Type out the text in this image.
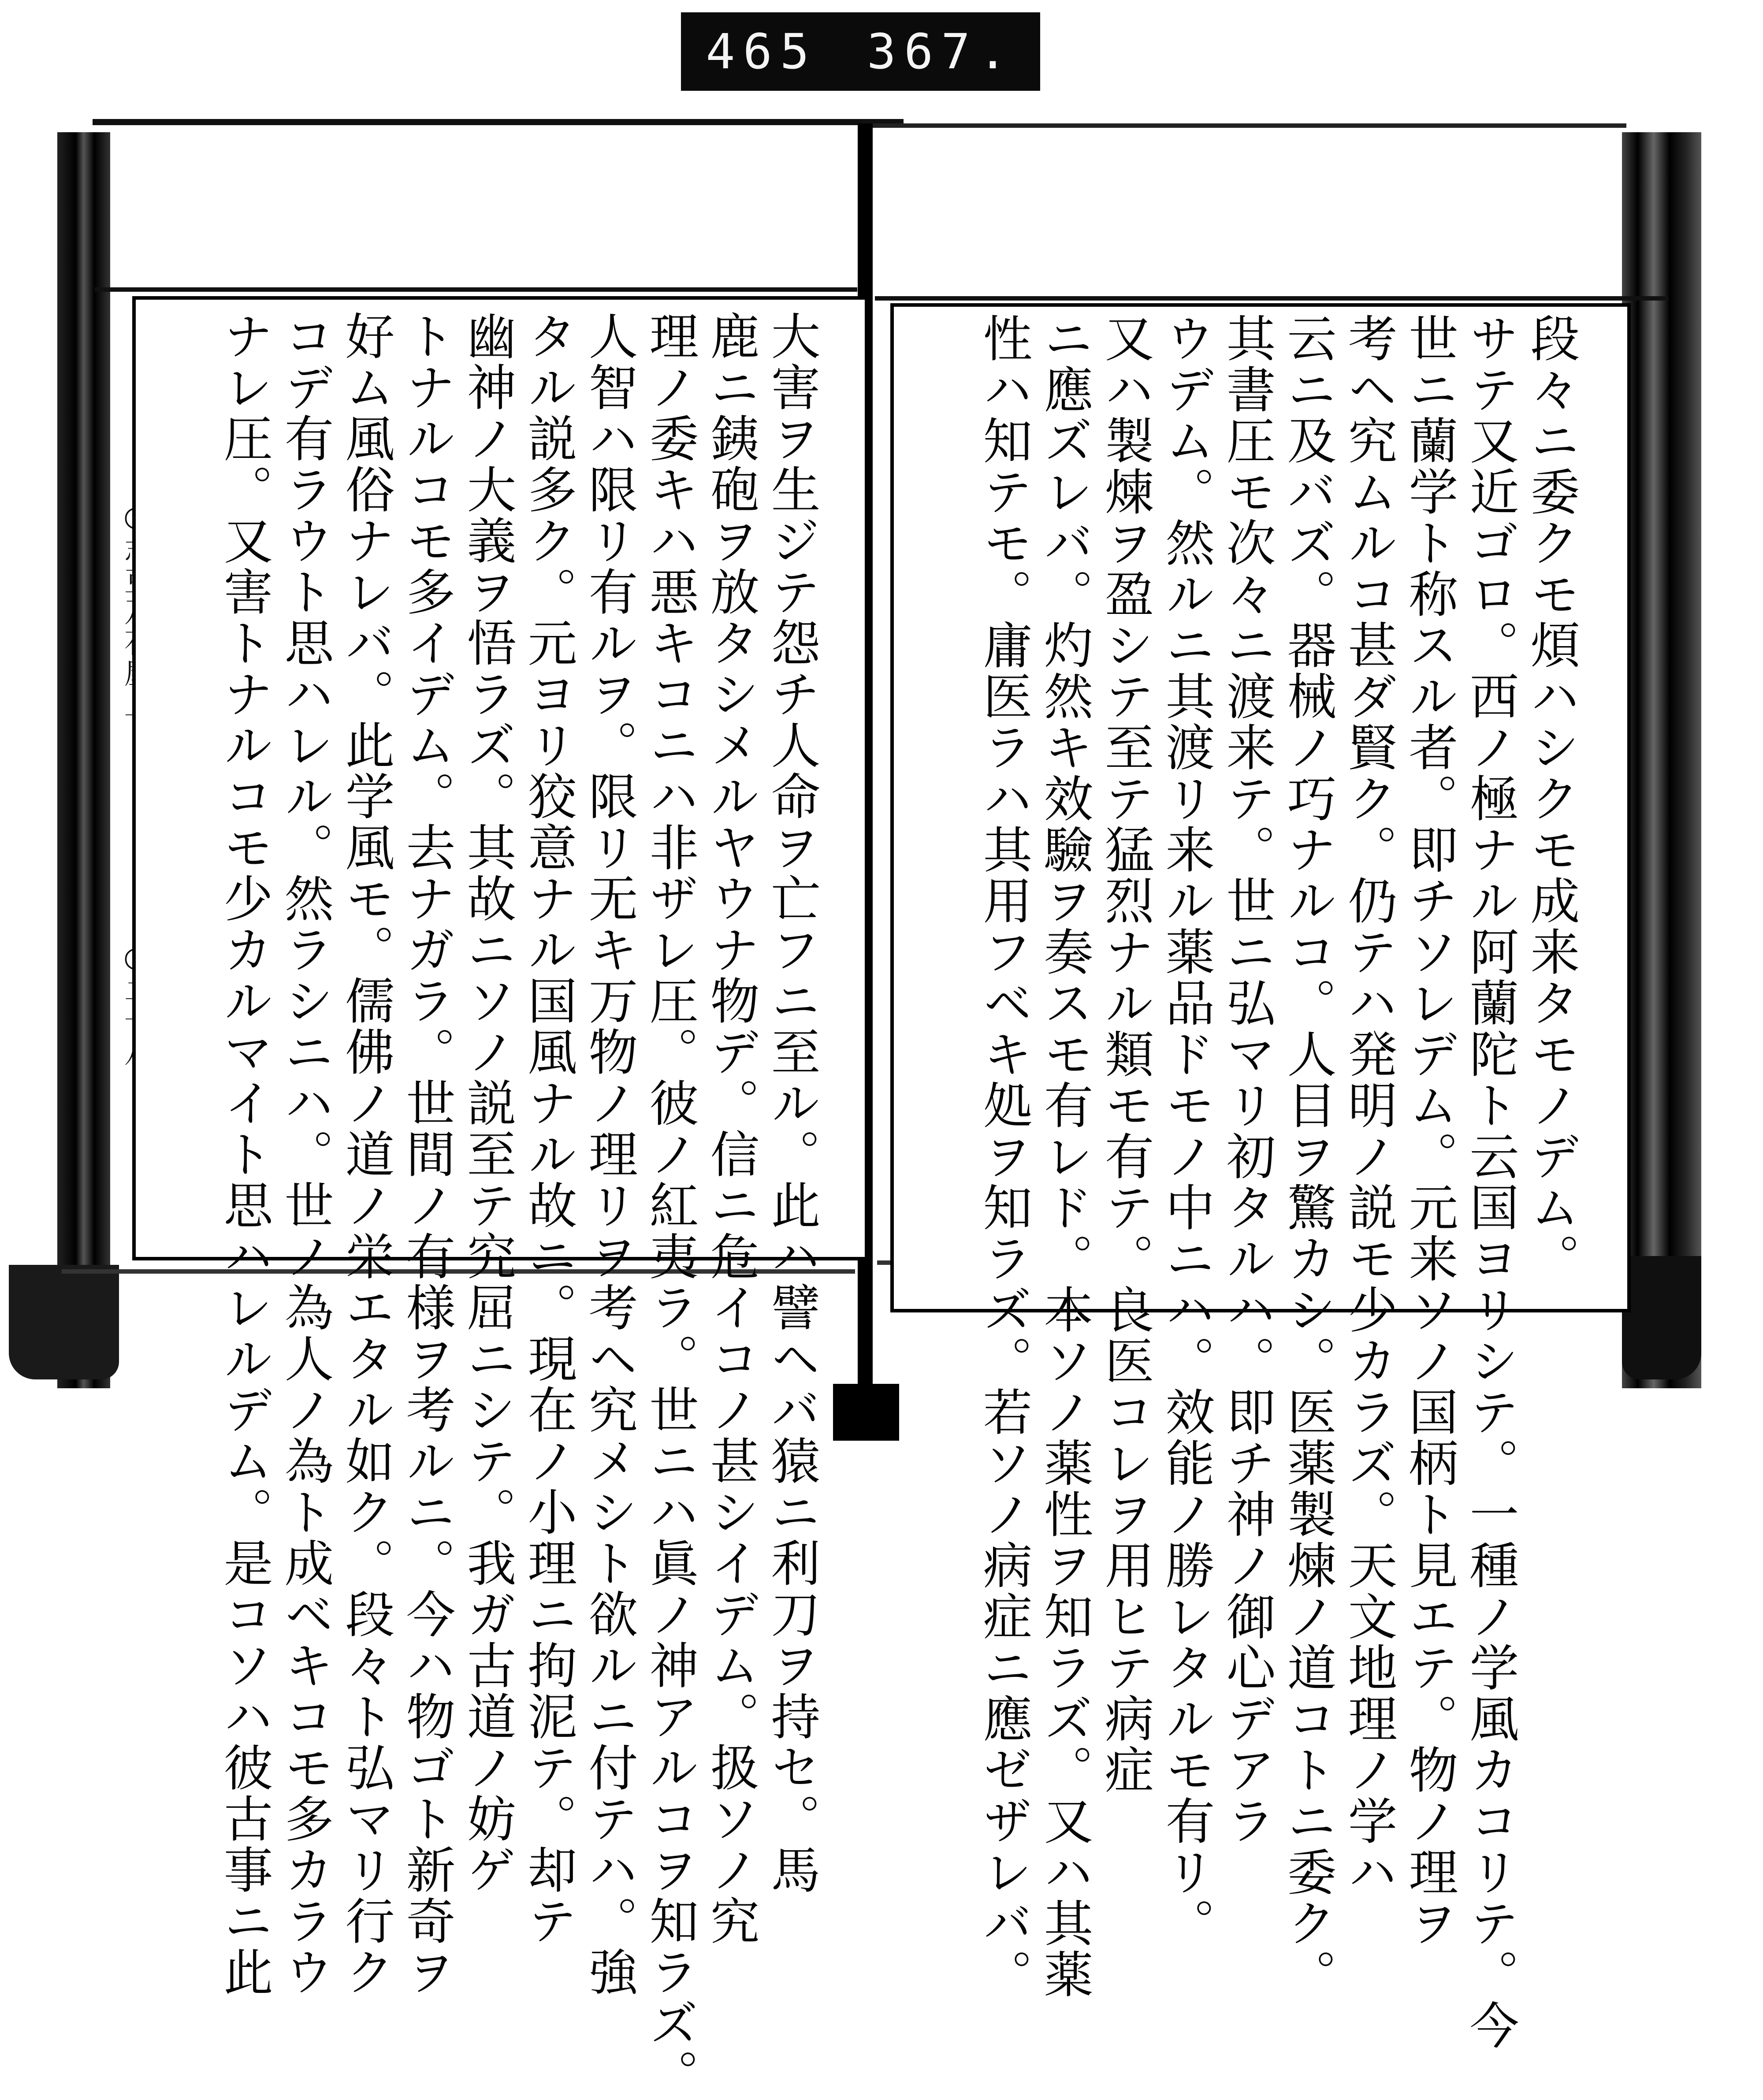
465 367.
大害ヲ生ジテ怨チ人命ヲ亡フニ至ル。此ハ譬ヘバ猿ニ利刀ヲ持セ。馬
鹿ニ銕砲ヲ放タシメルヤウナ物デ。信ニ危イコノ甚シイデム。扱ソノ究
理ノ委キハ悪キコニハ非ザレ圧。彼ノ紅夷ラ。世ニハ眞ノ神アルコヲ知ラズ。
人智ハ限リ有ルヲ。限リ无キ万物ノ理リヲ考ヘ究メシト欲ルニ付テハ。強
タル説多ク。元ヨリ狡意ナル国風ナル故ニ。現在ノ小理ニ拘泥テ。却テ
幽神ノ大義ヲ悟ラズ。其故ニソノ説至テ究屈ニシテ。我ガ古道ノ妨ゲ
トナルコモ多イデム。去ナガラ。世間ノ有様ヲ考ルニ。今ハ物ゴト新奇ヲ
好ム風俗ナレバ。此学風モ。儒佛ノ道ノ栄エタル如ク。段々ト弘マリ行ク
コデ有ラウト思ハレル。然ラシニハ。世ノ為人ノ為ト成ベキコモ多カラウ
ナレ圧。又害トナルコモ少カルマイト思ハレルデム。是コソハ彼古事ニ此	段々ニ委クモ煩ハシクモ成来タモノデム。
サテ又近ゴロ。西ノ極ナル阿蘭陀ト云国ヨリシテ。一種ノ学風カコリテ。今
世ニ蘭学ト称スル者。即チソレデム。元来ソノ国柄ト見エテ。物ノ理ヲ
考ヘ究ムルコ甚ダ賢ク。仍テハ発明ノ説モ少カラズ。天文地理ノ学ハ
云ニ及バズ。器械ノ巧ナルコ。人目ヲ驚カシ。医薬製煉ノ道コトニ委ク。
其書圧モ次々ニ渡来テ。世ニ弘マリ初タルハ。即チ神ノ御心デアラ
ウデム。然ルニ其渡リ来ル薬品ドモノ中ニハ。效能ノ勝レタルモ有リ。
又ハ製煉ヲ盈シテ至テ猛烈ナル類モ有テ。良医コレヲ用ヒテ病症
ニ應ズレバ。灼然キ效驗ヲ奏スモ有レド。本ソノ薬性ヲ知ラズ。又ハ其薬
性ハ知テモ。庸医ラハ其用フベキ処ヲ知ラズ。若ソノ病症ニ應ゼザレバ。
